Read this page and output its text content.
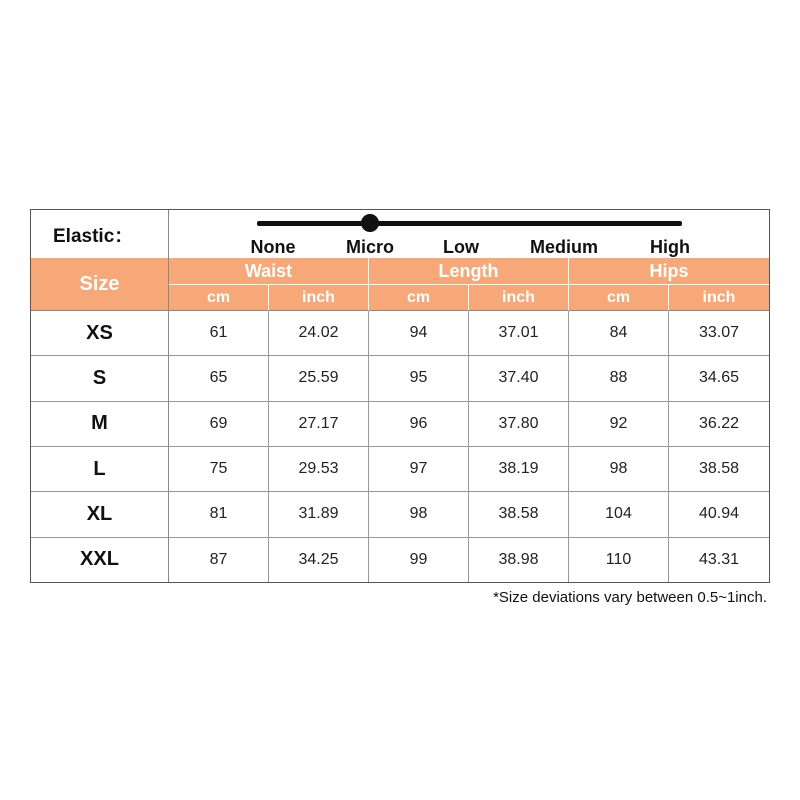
Elastic：
None	Micro	Low	Medium	High
Size
Waist	Length	Hips
cm	inch	cm	inch	cm	inch
XS	61	24.02	94	37.01	84	33.07
S	65	25.59	95	37.40	88	34.65
M	69	27.17	96	37.80	92	36.22
L	75	29.53	97	38.19	98	38.58
XL	81	31.89	98	38.58	104	40.94
XXL	87	34.25	99	38.98	110	43.31
*Size deviations vary between 0.5~1inch.
